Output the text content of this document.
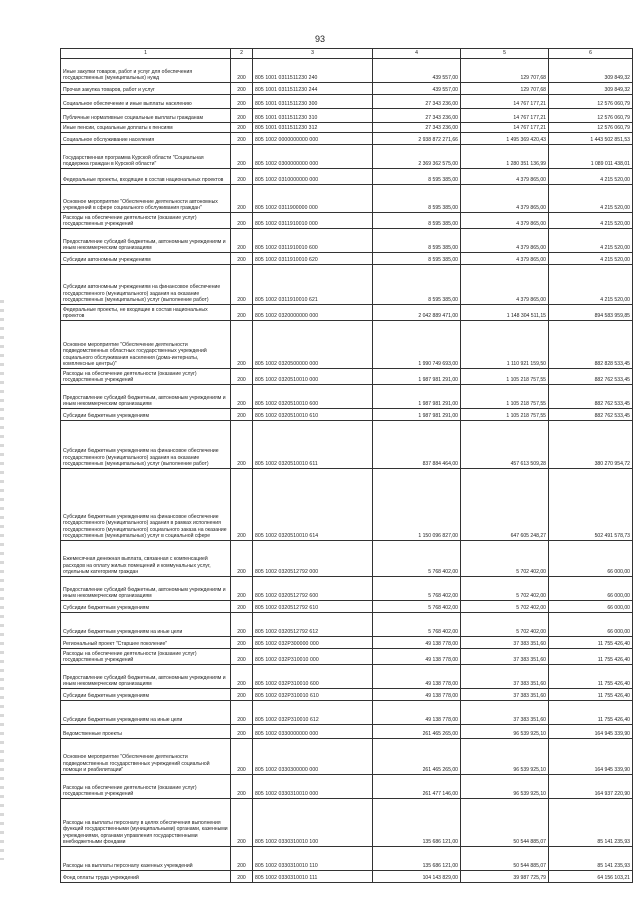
93
1	2	3	4	5	6
Иные закупки товаров, работ и услуг для обеспечения государственных (муниципальных) нужд	200	805 1001 0311511230 240	439 557,00	129 707,68	309 849,32
Прочая закупка товаров, работ и услуг	200	805 1001 0311511230 244	439 557,00	129 707,68	309 849,32
Социальное обеспечение и иные выплаты населению	200	805 1001 0311511230 300	27 343 236,00	14 767 177,21	12 576 060,79
Публичные нормативные социальные выплаты гражданам	200	805 1001 0311511230 310	27 343 236,00	14 767 177,21	12 576 060,79
Иные пенсии, социальные доплаты к пенсиям	200	805 1001 0311511230 312	27 343 236,00	14 767 177,21	12 576 060,79
Социальное обслуживание населения	200	805 1002 0000000000 000	2 938 872 271,66	1 495 369 420,43	1 443 502 851,53
Государственная программа Курской области "Социальная поддержка граждан в Курской области"	200	805 1002 0300000000 000	2 369 362 575,00	1 280 351 136,99	1 089 011 438,01
Федеральные проекты, входящие в состав национальных проектов	200	805 1002 0310000000 000	8 595 385,00	4 379 865,00	4 215 520,00
Основное мероприятие "Обеспечение деятельности автономных учреждений в сфере социального обслуживания граждан"	200	805 1002 0311900000 000	8 595 385,00	4 379 865,00	4 215 520,00
Расходы на обеспечение деятельности (оказание услуг) государственных учреждений	200	805 1002 0311910010 000	8 595 385,00	4 379 865,00	4 215 520,00
Предоставление субсидий бюджетным, автономным учреждениям и иным некоммерческим организациям	200	805 1002 0311910010 600	8 595 385,00	4 379 865,00	4 215 520,00
Субсидии автономным учреждениям	200	805 1002 0311910010 620	8 595 385,00	4 379 865,00	4 215 520,00
Субсидии автономным учреждениям на финансовое обеспечение государственного (муниципального) задания на оказание государственных (муниципальных) услуг (выполнение работ)	200	805 1002 0311910010 621	8 595 385,00	4 379 865,00	4 215 520,00
Федеральные проекты, не входящие в состав национальных проектов	200	805 1002 0320000000 000	2 042 889 471,00	1 148 304 511,15	894 583 959,85
Основное мероприятие "Обеспечение деятельности подведомственных областных государственных учреждений социального обслуживания населения (дома-интернаты, комплексные центры)"	200	805 1002 0320500000 000	1 990 749 693,00	1 110 921 159,50	882 828 533,45
Расходы на обеспечение деятельности (оказание услуг) государственных учреждений	200	805 1002 0320510010 000	1 987 981 291,00	1 105 218 757,55	882 762 533,45
Предоставление субсидий бюджетным, автономным учреждениям и иным некоммерческим организациям	200	805 1002 0320510010 600	1 987 981 291,00	1 105 218 757,55	882 762 533,45
Субсидии бюджетным учреждениям	200	805 1002 0320510010 610	1 987 981 291,00	1 105 218 757,55	882 762 533,45
Субсидии бюджетным учреждениям на финансовое обеспечение государственного (муниципального) задания на оказание государственных (муниципальных) услуг (выполнение работ)	200	805 1002 0320510010 611	837 884 464,00	457 613 509,28	380 270 954,72
Субсидии бюджетным учреждениям на финансовое обеспечение государственного (муниципального) задания в рамках исполнения государственного (муниципального) социального заказа на оказание государственных (муниципальных) услуг в социальной сфере	200	805 1002 0320510010 614	1 150 096 827,00	647 605 248,27	502 491 578,73
Ежемесячная денежная выплата, связанная с компенсацией расходов на оплату жилых помещений и коммунальных услуг, отдельным категориям граждан	200	805 1002 0320512792 000	5 768 402,00	5 702 402,00	66 000,00
Предоставление субсидий бюджетным, автономным учреждениям и иным некоммерческим организациям	200	805 1002 0320512792 600	5 768 402,00	5 702 402,00	66 000,00
Субсидии бюджетным учреждениям	200	805 1002 0320512792 610	5 768 402,00	5 702 402,00	66 000,00
Субсидии бюджетным учреждениям на иные цели	200	805 1002 0320512792 612	5 768 402,00	5 702 402,00	66 000,00
Региональный проект "Старшее поколение"	200	805 1002 032P300000 000	49 138 778,00	37 383 351,60	11 755 426,40
Расходы на обеспечение деятельности (оказание услуг) государственных учреждений	200	805 1002 032P310010 000	49 138 778,00	37 383 351,60	11 755 426,40
Предоставление субсидий бюджетным, автономным учреждениям и иным некоммерческим организациям	200	805 1002 032P310010 600	49 138 778,00	37 383 351,60	11 755 426,40
Субсидии бюджетным учреждениям	200	805 1002 032P310010 610	49 138 778,00	37 383 351,60	11 755 426,40
Субсидии бюджетным учреждениям на иные цели	200	805 1002 032P310010 612	49 138 778,00	37 383 351,60	11 755 426,40
Ведомственные проекты	200	805 1002 0330000000 000	261 465 265,00	96 539 925,10	164 945 339,90
Основное мероприятие "Обеспечение деятельности подведомственных государственных учреждений социальной помощи и реабилитации"	200	805 1002 0330300000 000	261 465 265,00	96 539 925,10	164 945 339,90
Расходы на обеспечение деятельности (оказание услуг) государственных учреждений	200	805 1002 0330310010 000	261 477 146,00	96 539 925,10	164 937 220,90
Расходы на выплаты персоналу в целях обеспечения выполнения функций государственными (муниципальными) органами, казенными учреждениями, органами управления государственными внебюджетными фондами	200	805 1002 0330310010 100	135 686 121,00	50 544 885,07	85 141 235,93
Расходы на выплаты персоналу казенных учреждений	200	805 1002 0330310010 110	135 686 121,00	50 544 885,07	85 141 235,93
Фонд оплаты труда учреждений	200	805 1002 0330310010 111	104 143 829,00	39 987 725,79	64 156 103,21
